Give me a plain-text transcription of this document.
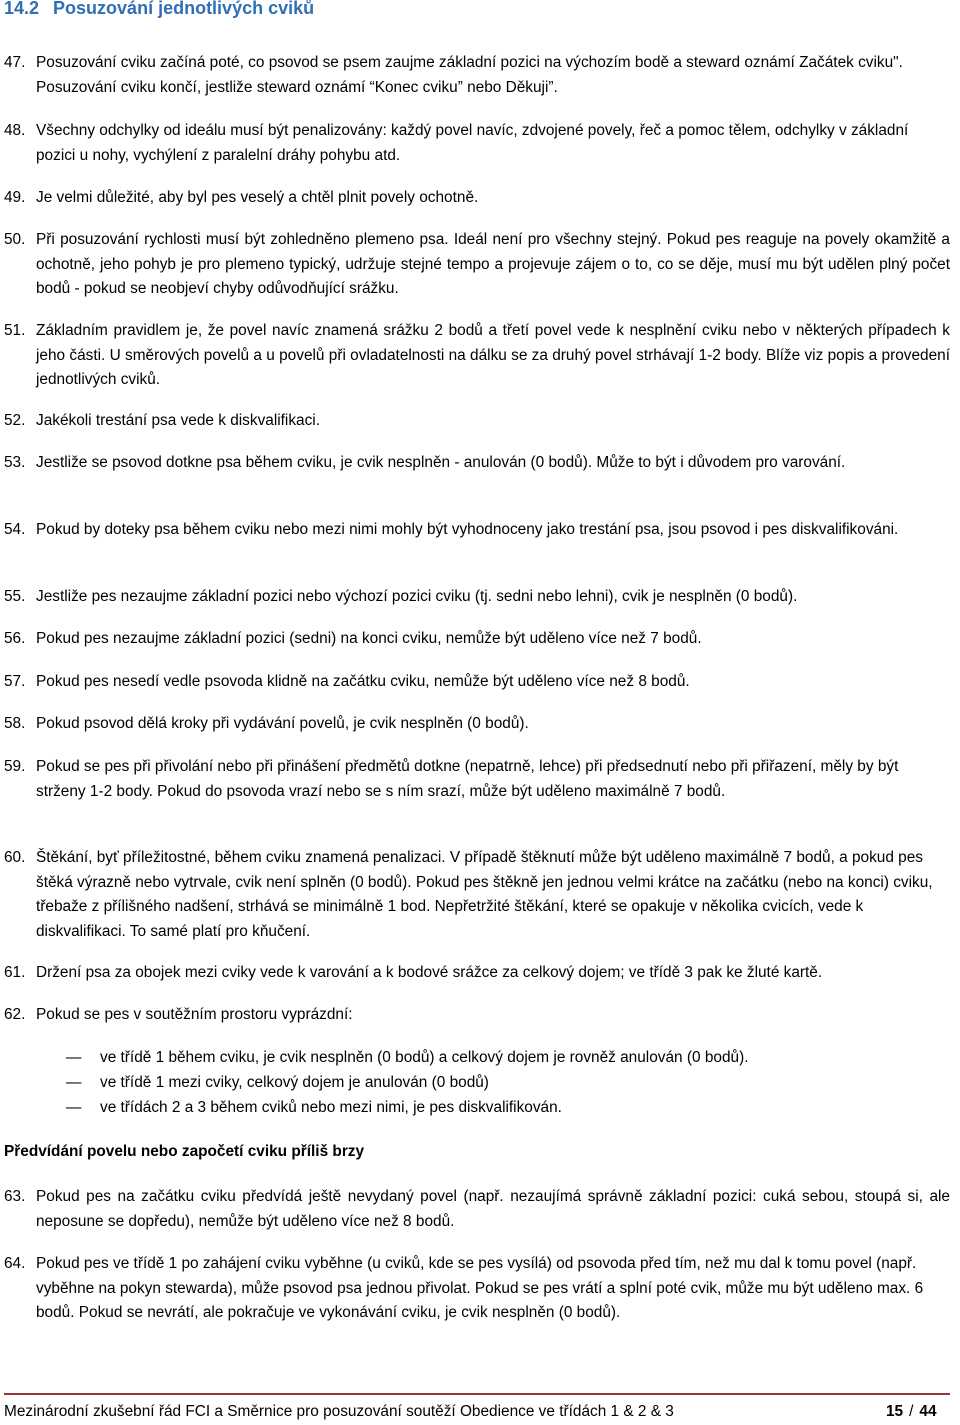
14.2 Posuzování jednotlivých cviků
47. Posuzování cviku začíná poté, co psovod se psem zaujme základní pozici na výchozím bodě a steward oznámí Začátek cviku". Posuzování cviku končí, jestliže steward oznámí “Konec cviku” nebo Děkuji”.
48. Všechny odchylky od ideálu musí být penalizovány: každý povel navíc, zdvojené povely, řeč a pomoc tělem, odchylky v základní pozici u nohy, vychýlení z paralelní dráhy pohybu atd.
49. Je velmi důležité, aby byl pes veselý a chtěl plnit povely ochotně.
50. Při posuzování rychlosti musí být zohledněno plemeno psa. Ideál není pro všechny stejný. Pokud pes reaguje na povely okamžitě a ochotně, jeho pohyb je pro plemeno typický, udržuje stejné tempo a projevuje zájem o to, co se děje, musí mu být udělen plný počet bodů - pokud se neobjeví chyby odůvodňující srážku.
51. Základním pravidlem je, že povel navíc znamená srážku 2 bodů a třetí povel vede k nesplnění cviku nebo v některých případech k jeho části. U směrových povelů a u povelů při ovladatelnosti na dálku se za druhý povel strhávají 1-2 body. Blíže viz popis a provedení jednotlivých cviků.
52. Jakékoli trestání psa vede k diskvalifikaci.
53. Jestliže se psovod dotkne psa během cviku, je cvik nesplněn - anulován (0 bodů). Může to být i důvodem pro varování.
54. Pokud by doteky psa během cviku nebo mezi nimi mohly být vyhodnoceny jako trestání psa, jsou psovod i pes diskvalifikováni.
55. Jestliže pes nezaujme základní pozici nebo výchozí pozici cviku (tj. sedni nebo lehni), cvik je nesplněn (0 bodů).
56. Pokud pes nezaujme základní pozici (sedni) na konci cviku, nemůže být uděleno více než 7 bodů.
57. Pokud pes nesedí vedle psovoda klidně na začátku cviku, nemůže být uděleno více než 8 bodů.
58. Pokud psovod dělá kroky při vydávání povelů, je cvik nesplněn (0 bodů).
59. Pokud se pes při přivolání nebo při přinášení předmětů dotkne (nepatrně, lehce) při předsednutí nebo při přiřazení, měly by být strženy 1-2 body. Pokud do psovoda vrazí nebo se s ním srazí, může být uděleno maximálně 7 bodů.
60. Štěkání, byť příležitostné, během cviku znamená penalizaci. V případě štěknutí může být uděleno maximálně 7 bodů, a pokud pes štěká výrazně nebo vytrvale, cvik není splněn (0 bodů). Pokud pes štěkně jen jednou velmi krátce na začátku (nebo na konci) cviku, třebaže z přílišného nadšení, strhává se minimálně 1 bod. Nepřetržité štěkání, které se opakuje v několika cvicích, vede k diskvalifikaci. To samé platí pro kňučení.
61. Držení psa za obojek mezi cviky vede k varování a k bodové srážce za celkový dojem; ve třídě 3 pak ke žluté kartě.
62. Pokud se pes v soutěžním prostoru vyprázdní:
— ve třídě 1 během cviku, je cvik nesplněn (0 bodů) a celkový dojem je rovněž anulován (0 bodů).
— ve třídě 1 mezi cviky, celkový dojem je anulován (0 bodů)
— ve třídách 2 a 3 během cviků nebo mezi nimi, je pes diskvalifikován.
Předvídání povelu nebo započetí cviku příliš brzy
63. Pokud pes na začátku cviku předvídá ještě nevydaný povel (např. nezaujímá správně základní pozici: cuká sebou, stoupá si, ale neposune se dopředu), nemůže být uděleno více než 8 bodů.
64. Pokud pes ve třídě 1 po zahájení cviku vyběhne (u cviků, kde se pes vysílá) od psovoda před tím, než mu dal k tomu povel (např. vyběhne na pokyn stewarda), může psovod psa jednou přivolat. Pokud se pes vrátí a splní poté cvik, může mu být uděleno max. 6 bodů. Pokud se nevrátí, ale pokračuje ve vykonávání cviku, je cvik nesplněn (0 bodů).
Mezinárodní zkušební řád FCI a Směrnice pro posuzování soutěží Obedience ve třídách 1 & 2 & 3	15 / 44
